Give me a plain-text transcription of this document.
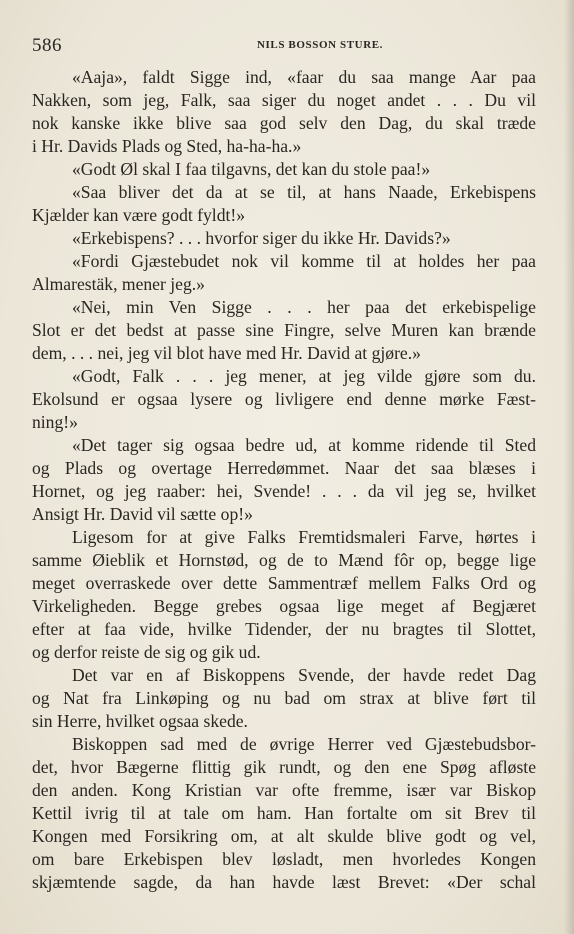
586	NILS BOSSON STURE.
«Aaja», faldt Sigge ind, «faar du saa mange Aar paa
Nakken, som jeg, Falk, saa siger du noget andet . . . Du vil
nok kanske ikke blive saa god selv den Dag, du skal træde
i Hr. Davids Plads og Sted, ha-ha-ha.»
«Godt Øl skal I faa tilgavns, det kan du stole paa!»
«Saa bliver det da at se til, at hans Naade, Erkebispens
Kjælder kan være godt fyldt!»
«Erkebispens? . . . hvorfor siger du ikke Hr. Davids?»
«Fordi Gjæstebudet nok vil komme til at holdes her paa
Almarestäk, mener jeg.»
«Nei, min Ven Sigge . . . her paa det erkebispelige
Slot er det bedst at passe sine Fingre, selve Muren kan brænde
dem, . . . nei, jeg vil blot have med Hr. David at gjøre.»
«Godt, Falk . . . jeg mener, at jeg vilde gjøre som du.
Ekolsund er ogsaa lysere og livligere end denne mørke Fæst-
ning!»
«Det tager sig ogsaa bedre ud, at komme ridende til Sted
og Plads og overtage Herredømmet. Naar det saa blæses i
Hornet, og jeg raaber: hei, Svende! . . . da vil jeg se, hvilket
Ansigt Hr. David vil sætte op!»
Ligesom for at give Falks Fremtidsmaleri Farve, hørtes i
samme Øieblik et Hornstød, og de to Mænd fôr op, begge lige
meget overraskede over dette Sammentræf mellem Falks Ord og
Virkeligheden. Begge grebes ogsaa lige meget af Begjæret
efter at faa vide, hvilke Tidender, der nu bragtes til Slottet,
og derfor reiste de sig og gik ud.
Det var en af Biskoppens Svende, der havde redet Dag
og Nat fra Linkøping og nu bad om strax at blive ført til
sin Herre, hvilket ogsaa skede.
Biskoppen sad med de øvrige Herrer ved Gjæstebudsbor-
det, hvor Bægerne flittig gik rundt, og den ene Spøg afløste
den anden. Kong Kristian var ofte fremme, især var Biskop
Kettil ivrig til at tale om ham. Han fortalte om sit Brev til
Kongen med Forsikring om, at alt skulde blive godt og vel,
om bare Erkebispen blev løsladt, men hvorledes Kongen
skjæmtende sagde, da han havde læst Brevet: «Der schal
